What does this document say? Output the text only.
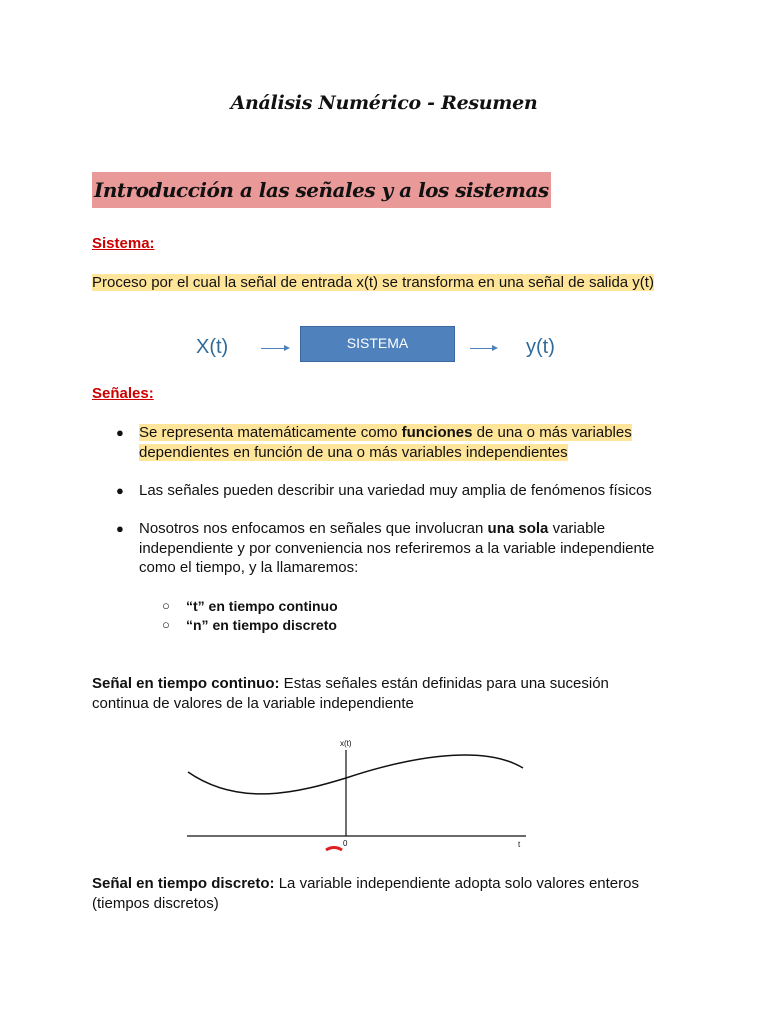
Análisis Numérico - Resumen
Introducción a las señales y a los sistemas
Sistema:
Proceso por el cual la señal de entrada x(t) se transforma en una señal de salida y(t)
X(t)	SISTEMA	y(t)
Señales:
● Se representa matemáticamente como funciones de una o más variables
dependientes en función de una o más variables independientes
● Las señales pueden describir una variedad muy amplia de fenómenos físicos
● Nosotros nos enfocamos en señales que involucran una sola variable
independiente y por conveniencia nos referiremos a la variable independiente
como el tiempo, y la llamaremos:
○ “t” en tiempo continuo
○ “n” en tiempo discreto
Señal en tiempo continuo: Estas señales están definidas para una sucesión
continua de valores de la variable independiente
x(t)
0	t
Señal en tiempo discreto: La variable independiente adopta solo valores enteros
(tiempos discretos)
